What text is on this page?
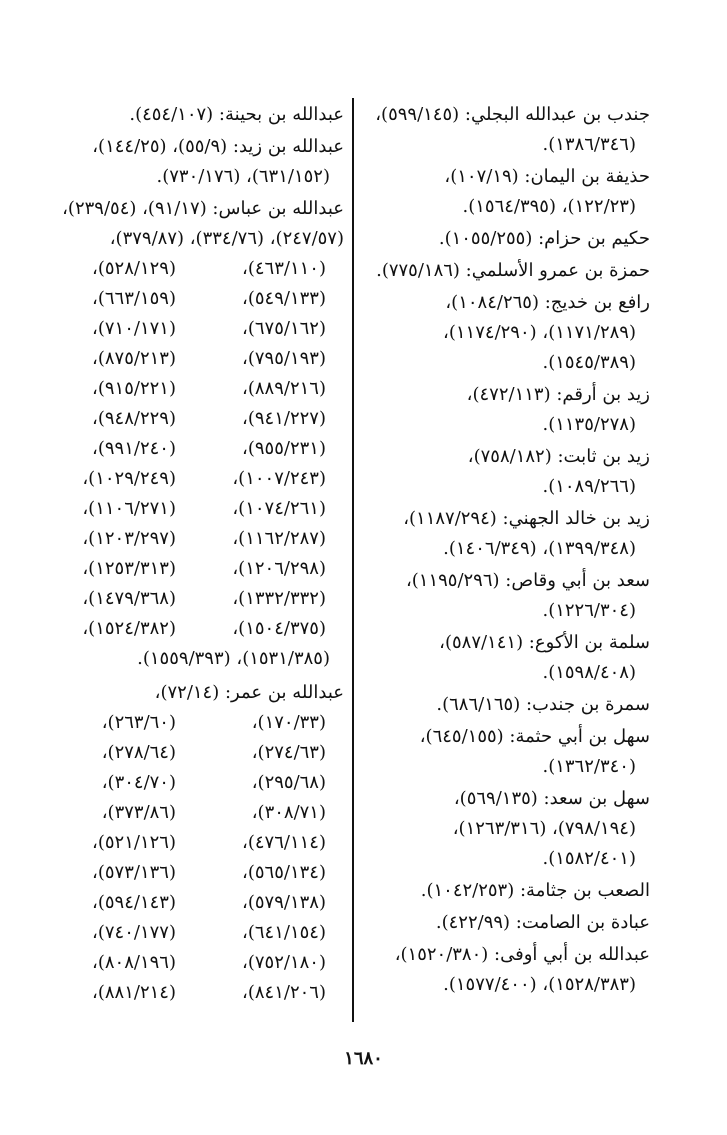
جندب بن عبدالله البجلي: (٥٩٩/١٤٥)،
(١٣٨٦/٣٤٦).
حذيفة بن اليمان: (١٠٧/١٩)،
(١٢٢/٢٣)، (١٥٦٤/٣٩٥).
حكيم بن حزام: (١٠٥٥/٢٥٥).
حمزة بن عمرو الأسلمي: (٧٧٥/١٨٦).
رافع بن خديج: (١٠٨٤/٢٦٥)،
(١١٧١/٢٨٩)، (١١٧٤/٢٩٠)،
(١٥٤٥/٣٨٩).
زيد بن أرقم: (٤٧٢/١١٣)،
(١١٣٥/٢٧٨).
زيد بن ثابت: (٧٥٨/١٨٢)،
(١٠٨٩/٢٦٦).
زيد بن خالد الجهني: (١١٨٧/٢٩٤)،
(١٣٩٩/٣٤٨)، (١٤٠٦/٣٤٩).
سعد بن أبي وقاص: (١١٩٥/٢٩٦)،
(١٢٢٦/٣٠٤).
سلمة بن الأكوع: (٥٨٧/١٤١)،
(١٥٩٨/٤٠٨).
سمرة بن جندب: (٦٨٦/١٦٥).
سهل بن أبي حثمة: (٦٤٥/١٥٥)،
(١٣٦٢/٣٤٠).
سهل بن سعد: (٥٦٩/١٣٥)،
(٧٩٨/١٩٤)، (١٢٦٣/٣١٦)،
(١٥٨٢/٤٠١).
الصعب بن جثامة: (١٠٤٢/٢٥٣).
عبادة بن الصامت: (٤٢٢/٩٩).
عبدالله بن أبي أوفى: (١٥٢٠/٣٨٠)،
(١٥٢٨/٣٨٣)، (١٥٧٧/٤٠٠).
عبدالله بن بحينة: (٤٥٤/١٠٧).
عبدالله بن زيد: (٥٥/٩)، (١٤٤/٢٥)،
(٦٣١/١٥٢)، (٧٣٠/١٧٦).
عبدالله بن عباس: (٩١/١٧)، (٢٣٩/٥٤)،
(٢٤٧/٥٧)، (٣٣٤/٧٦)، (٣٧٩/٨٧)،
(٤٦٣/١١٠)،
(٥٢٨/١٢٩)،
(٥٤٩/١٣٣)،
(٦٦٣/١٥٩)،
(٦٧٥/١٦٢)،
(٧١٠/١٧١)،
(٧٩٥/١٩٣)،
(٨٧٥/٢١٣)،
(٨٨٩/٢١٦)،
(٩١٥/٢٢١)،
(٩٤١/٢٢٧)،
(٩٤٨/٢٢٩)،
(٩٥٥/٢٣١)،
(٩٩١/٢٤٠)،
(١٠٠٧/٢٤٣)،
(١٠٢٩/٢٤٩)،
(١٠٧٤/٢٦١)،
(١١٠٦/٢٧١)،
(١١٦٢/٢٨٧)،
(١٢٠٣/٢٩٧)،
(١٢٠٦/٢٩٨)،
(١٢٥٣/٣١٣)،
(١٣٣٢/٣٣٢)،
(١٤٧٩/٣٦٨)،
(١٥٠٤/٣٧٥)،
(١٥٢٤/٣٨٢)،
(١٥٣١/٣٨٥)، (١٥٥٩/٣٩٣).
عبدالله بن عمر: (٧٢/١٤)،
(١٧٠/٣٣)،
(٢٦٣/٦٠)،
(٢٧٤/٦٣)،
(٢٧٨/٦٤)،
(٢٩٥/٦٨)،
(٣٠٤/٧٠)،
(٣٠٨/٧١)،
(٣٧٣/٨٦)،
(٤٧٦/١١٤)،
(٥٢١/١٢٦)،
(٥٦٥/١٣٤)،
(٥٧٣/١٣٦)،
(٥٧٩/١٣٨)،
(٥٩٤/١٤٣)،
(٦٤١/١٥٤)،
(٧٤٠/١٧٧)،
(٧٥٢/١٨٠)،
(٨٠٨/١٩٦)،
(٨٤١/٢٠٦)،
(٨٨١/٢١٤)،
١٦٨٠
